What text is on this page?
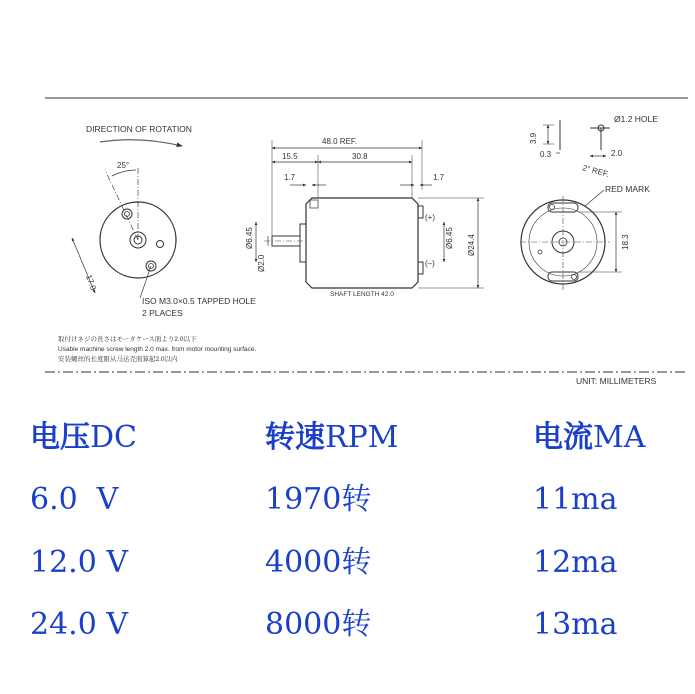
DIRECTION OF ROTATION
25°
17.0
ISO M3.0×0.5 TAPPED HOLE
2 PLACES
取付けネジの長さはモータケース面より2.0以下
Usable machine screw length 2.0 max. from motor mounting surface.
安装螺丝的长度限从马达壳面算起2.0以内
48.0 REF.
15.5	30.8
1.7	1.7
(+)
(–)
Ø6.45
Ø2.0
Ø6.45 Ø24.4
SHAFT LENGTH 42.0
3.9
0.3
Ø1.2 HOLE
2.0
2° REF.
RED MARK
18.3
UNIT: MILLIMETERS
电压DC	转速RPM	电流MA
6.0  V	1970转	11ma
12.0 V	4000转	12ma
24.0 V	8000转	13ma
